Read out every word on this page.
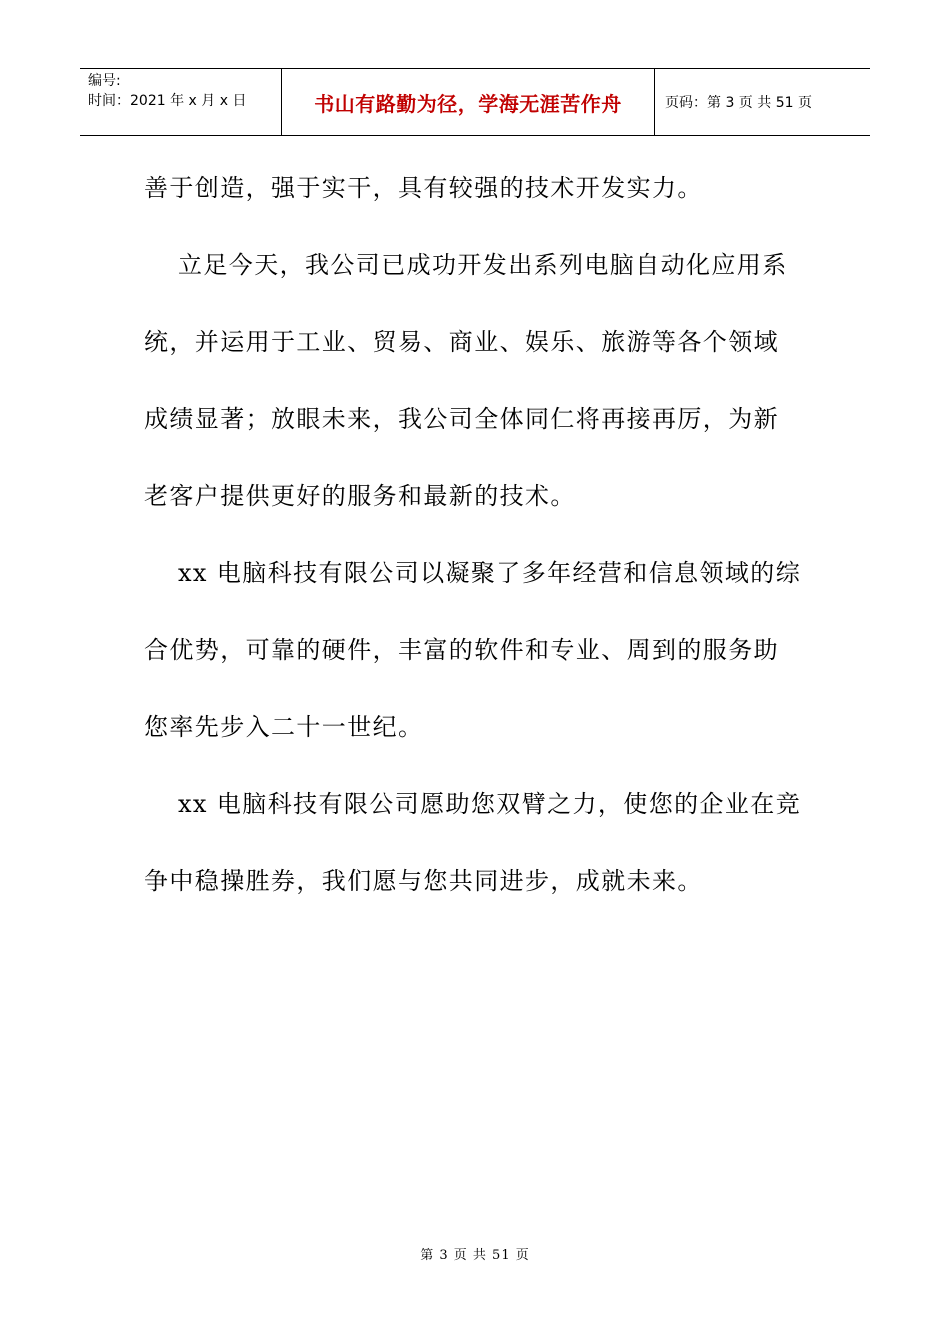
编号:
时间：2021 年 x 月 x 日	书山有路勤为径，学海无涯苦作舟	页码：第 3 页 共 51 页
善于创造，强于实干，具有较强的技术开发实力。
立足今天，我公司已成功开发出系列电脑自动化应用系
统，并运用于工业、贸易、商业、娱乐、旅游等各个领域
成绩显著；放眼未来，我公司全体同仁将再接再厉，为新
老客户提供更好的服务和最新的技术。
xx 电脑科技有限公司以凝聚了多年经营和信息领域的综
合优势，可靠的硬件，丰富的软件和专业、周到的服务助
您率先步入二十一世纪。
xx 电脑科技有限公司愿助您双臂之力，使您的企业在竞
争中稳操胜券，我们愿与您共同进步，成就未来。
第 3 页 共 51 页
